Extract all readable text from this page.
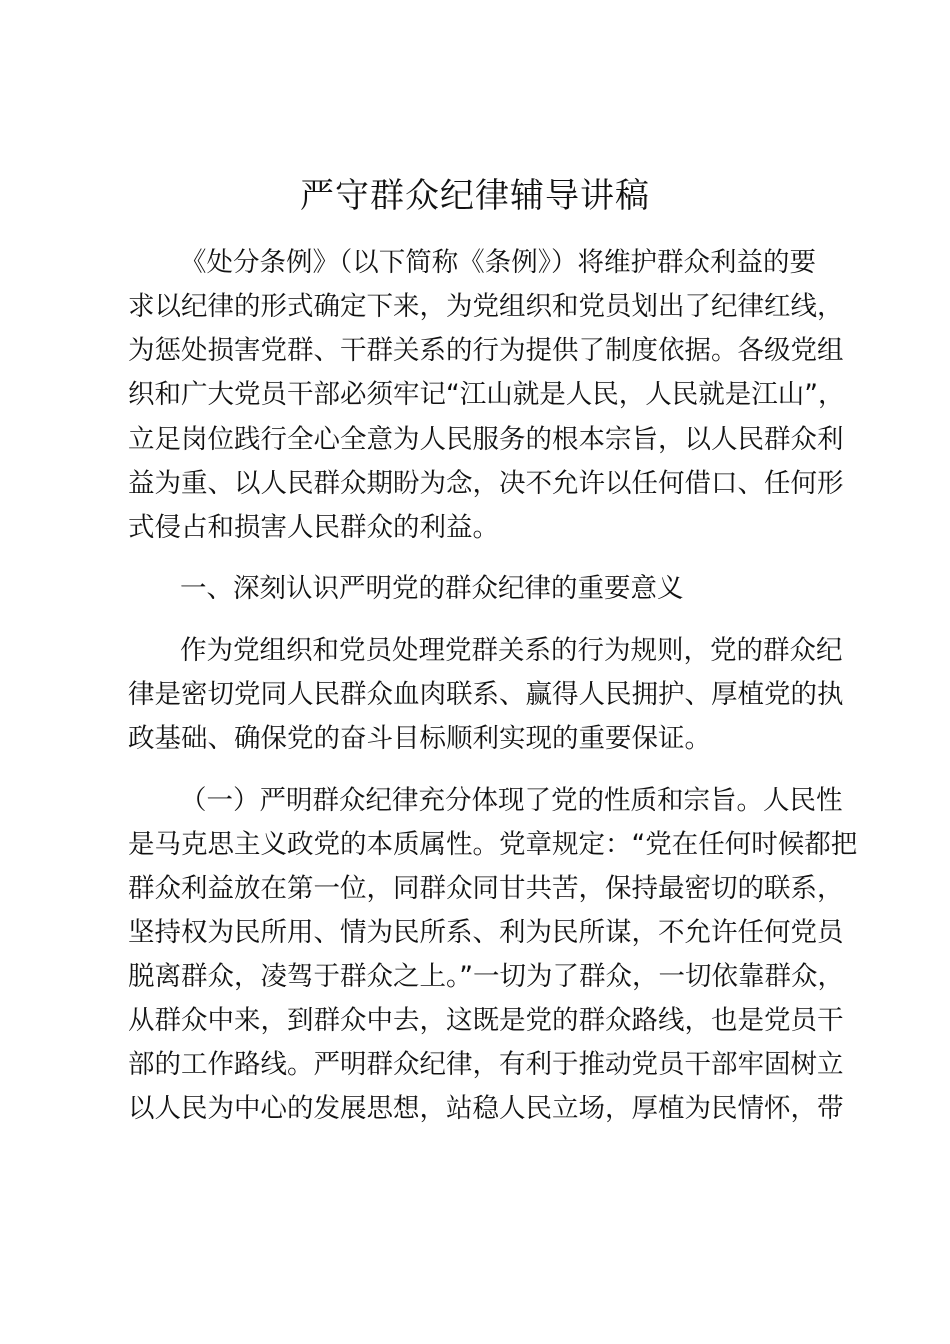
严守群众纪律辅导讲稿

《处分条例》（以下简称《条例》）将维护群众利益的要

求以纪律的形式确定下来，为党组织和党员划出了纪律红线，

为惩处损害党群、干群关系的行为提供了制度依据。各级党组

织和广大党员干部必须牢记“江山就是人民，人民就是江山”，

立足岗位践行全心全意为人民服务的根本宗旨，以人民群众利

益为重、以人民群众期盼为念，决不允许以任何借口、任何形

式侵占和损害人民群众的利益。

一、深刻认识严明党的群众纪律的重要意义

作为党组织和党员处理党群关系的行为规则，党的群众纪

律是密切党同人民群众血肉联系、赢得人民拥护、厚植党的执

政基础、确保党的奋斗目标顺利实现的重要保证。

（一）严明群众纪律充分体现了党的性质和宗旨。人民性

是马克思主义政党的本质属性。党章规定：“党在任何时候都把

群众利益放在第一位，同群众同甘共苦，保持最密切的联系，

坚持权为民所用、情为民所系、利为民所谋，不允许任何党员

脱离群众，凌驾于群众之上。”一切为了群众，一切依靠群众，

从群众中来，到群众中去，这既是党的群众路线，也是党员干

部的工作路线。严明群众纪律，有利于推动党员干部牢固树立

以人民为中心的发展思想，站稳人民立场，厚植为民情怀，带
